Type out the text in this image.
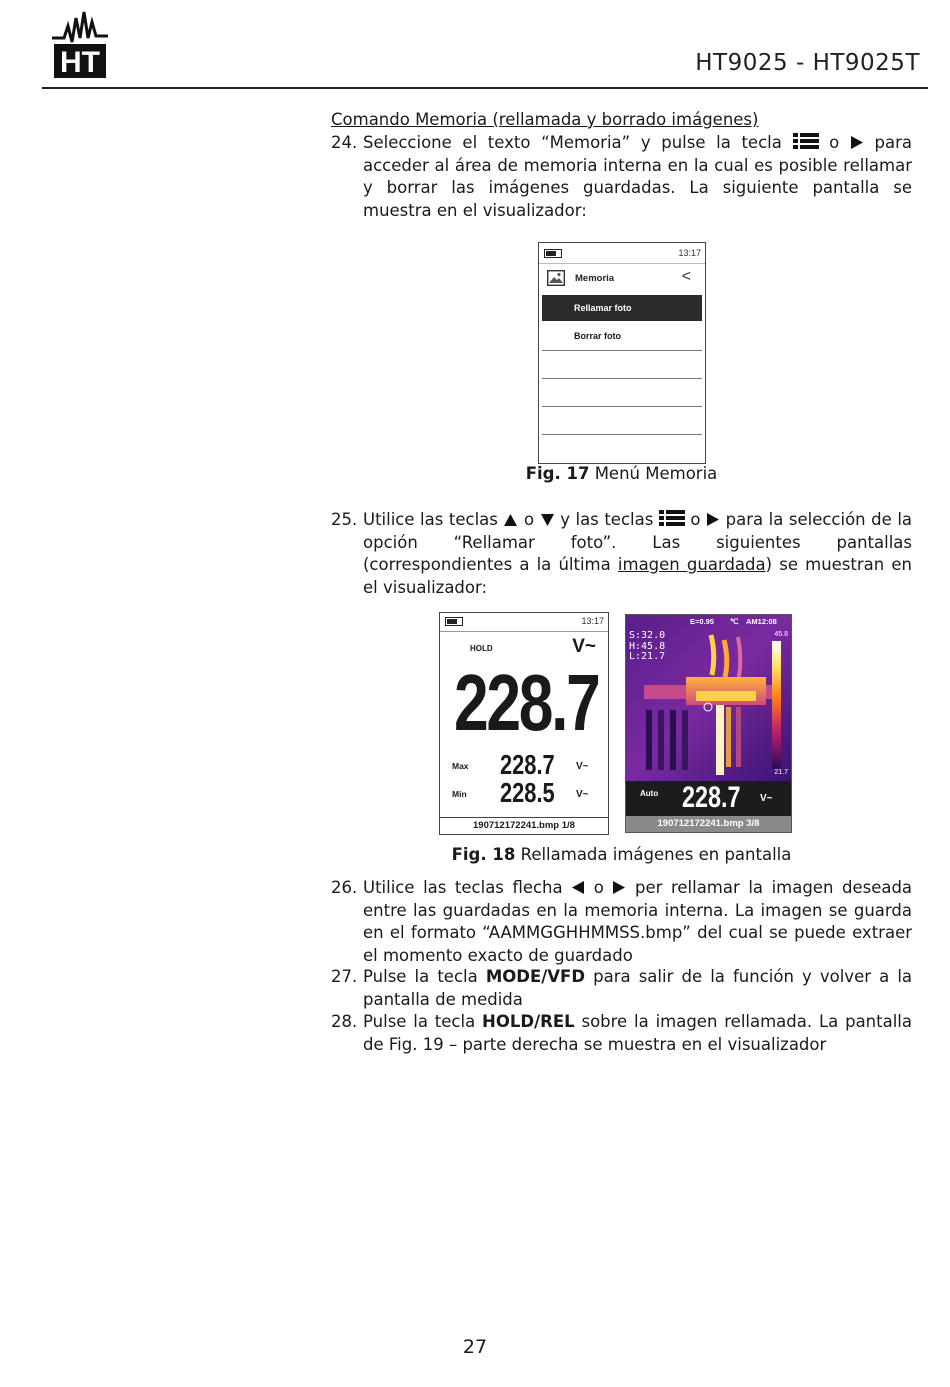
HT	HT9025 - HT9025T
Comando Memoria (rellamada y borrado imágenes)
24. Seleccione el texto “Memoria” y pulse la tecla	o para acceder al área de memoria interna en la cual es posible rellamar y borrar las imágenes guardadas. La siguiente pantalla se muestra en el visualizador:
13:17
Memoria	<
Rellamar foto
Borrar foto
Fig. 17 Menú Memoria
25. Utilice las teclas o y las teclas o para la selección de la opción “Rellamar foto”. Las siguientes pantallas (correspondientes a la última imagen guardada) se muestran en el visualizador:
13:17
HOLD	V~
228.7
Max 228.7 V~
Min 228.5 V~
190712172241.bmp 1/8
E=0.95 ℃ AM12:08
S:32.0
H:45.8
L:21.7
45.8
21.7
Auto 228.7 V~
190712172241.bmp 3/8
Fig. 18 Rellamada imágenes en pantalla
26. Utilice las teclas flecha o per rellamar la imagen deseada entre las guardadas en la memoria interna. La imagen se guarda en el formato “AAMMGGHHMMSS.bmp” del cual se puede extraer el momento exacto de guardado
27. Pulse la tecla MODE/VFD para salir de la función y volver a la pantalla de medida
28. Pulse la tecla HOLD/REL sobre la imagen rellamada. La pantalla de Fig. 19 – parte derecha se muestra en el visualizador
27
